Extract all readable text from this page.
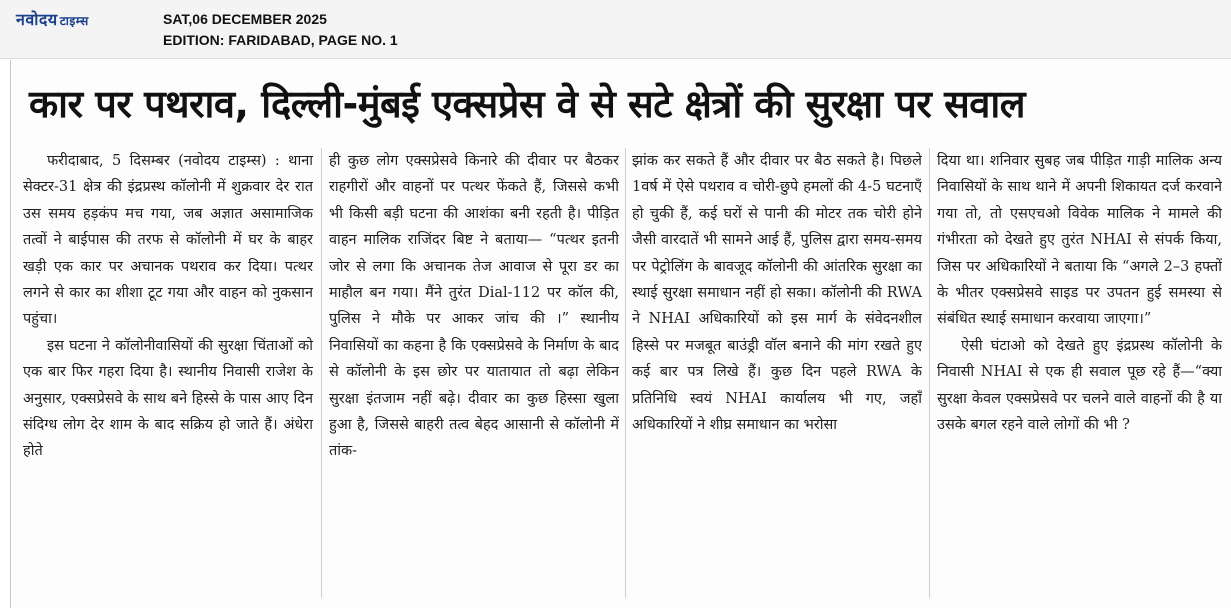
नवोदय टाइम्स	SAT,06 DECEMBER 2025
EDITION: FARIDABAD, PAGE NO. 1
कार पर पथराव, दिल्ली-मुंबई एक्सप्रेस वे से सटे क्षेत्रों की सुरक्षा पर सवाल

फरीदाबाद, 5 दिसम्बर (नवोदय टाइम्स) : थाना सेक्टर-31 क्षेत्र की इंद्रप्रस्थ कॉलोनी में शुक्रवार देर रात उस समय हड़कंप मच गया, जब अज्ञात असामाजिक तत्वों ने बाईपास की तरफ से कॉलोनी में घर के बाहर खड़ी एक कार पर अचानक पथराव कर दिया। पत्थर लगने से कार का शीशा टूट गया और वाहन को नुकसान पहुंचा।

इस घटना ने कॉलोनीवासियों की सुरक्षा चिंताओं को एक बार फिर गहरा दिया है। स्थानीय निवासी राजेश के अनुसार, एक्सप्रेसवे के साथ बने हिस्से के पास आए दिन संदिग्ध लोग देर शाम के बाद सक्रिय हो जाते हैं। अंधेरा होते

ही कुछ लोग एक्सप्रेसवे किनारे की दीवार पर बैठकर राहगीरों और वाहनों पर पत्थर फेंकते हैं, जिससे कभी भी किसी बड़ी घटना की आशंका बनी रहती है। पीड़ित वाहन मालिक राजिंदर बिष्ट ने बताया— “पत्थर इतनी जोर से लगा कि अचानक तेज आवाज से पूरा डर का माहौल बन गया। मैंने तुरंत Dial-112 पर कॉल की, पुलिस ने मौके पर आकर जांच की ।” स्थानीय निवासियों का कहना है कि एक्सप्रेसवे के निर्माण के बाद से कॉलोनी के इस छोर पर यातायात तो बढ़ा लेकिन सुरक्षा इंतजाम नहीं बढ़े। दीवार का कुछ हिस्सा खुला हुआ है, जिससे बाहरी तत्व बेहद आसानी से कॉलोनी में तांक-

झांक कर सकते हैं और दीवार पर बैठ सकते है। पिछले 1वर्ष में ऐसे पथराव व चोरी-छुपे हमलों की 4-5 घटनाएँ हो चुकी हैं, कई घरों से पानी की मोटर तक चोरी होने जैसी वारदातें भी सामने आई हैं, पुलिस द्वारा समय-समय पर पेट्रोलिंग के बावजूद कॉलोनी की आंतरिक सुरक्षा का स्थाई सुरक्षा समाधान नहीं हो सका। कॉलोनी की RWA ने NHAI अधिकारियों को इस मार्ग के संवेदनशील हिस्से पर मजबूत बाउंड्री वॉल बनाने की मांग रखते हुए कई बार पत्र लिखे हैं। कुछ दिन पहले RWA के प्रतिनिधि स्वयं NHAI कार्यालय भी गए, जहाँ अधिकारियों ने शीघ्र समाधान का भरोसा

दिया था। शनिवार सुबह जब पीड़ित गाड़ी मालिक अन्य निवासियों के साथ थाने में अपनी शिकायत दर्ज करवाने गया तो, तो एसएचओ विवेक मालिक ने मामले की गंभीरता को देखते हुए तुरंत NHAI से संपर्क किया, जिस पर अधिकारियों ने बताया कि “अगले 2–3 हफ्तों के भीतर एक्सप्रेसवे साइड पर उपतन हुई समस्या से संबंधित स्थाई समाधान करवाया जाएगा।”

ऐसी घंटाओ को देखते हुए इंद्रप्रस्थ कॉलोनी के निवासी NHAI से एक ही सवाल पूछ रहे हैं—“क्या सुरक्षा केवल एक्सप्रेसवे पर चलने वाले वाहनों की है या उसके बगल रहने वाले लोगों की भी ?
